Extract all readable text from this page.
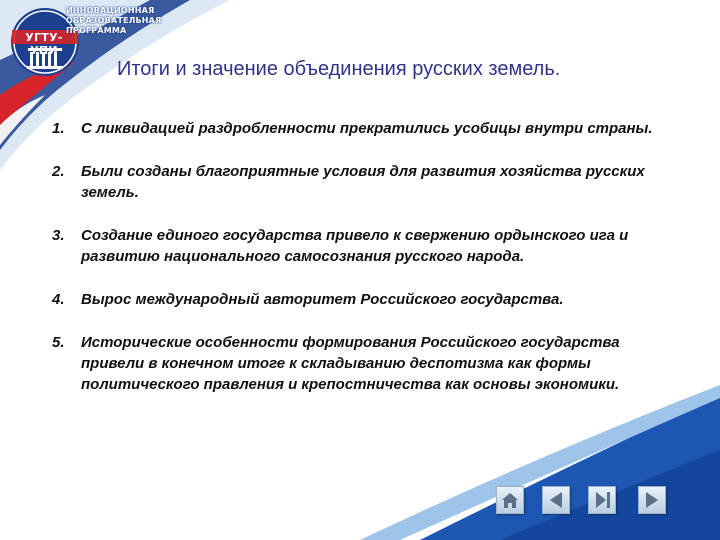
УГТУ-УПИ
ИННОВАЦИОННАЯ
ОБРАЗОВАТЕЛЬНАЯ
ПРОГРАММА
Итоги и значение объединения русских земель.
1.	С ликвидацией раздробленности прекратились усобицы внутри страны.
2.	Были созданы благоприятные условия для развития хозяйства русских земель.
3.	Создание единого государства привело к свержению ордынского ига и развитию национального самосознания русского народа.
4.	Вырос международный авторитет Российского государства.
5.	Исторические особенности формирования Российского государства привели в конечном итоге к складыванию деспотизма как формы политического правления и крепостничества как основы экономики.
